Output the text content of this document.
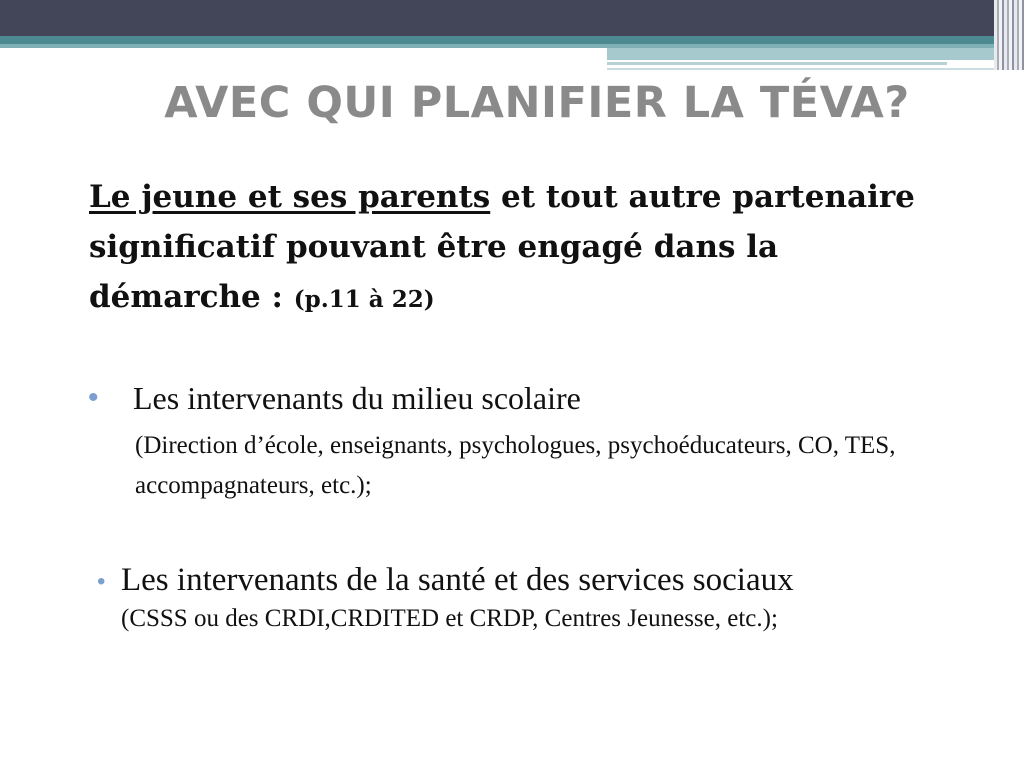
AVEC QUI PLANIFIER LA TÉVA?
Le jeune et ses parents et tout autre partenaire significatif pouvant être engagé dans la démarche : (p.11 à 22)
• Les intervenants du milieu scolaire
(Direction d’école, enseignants, psychologues, psychoéducateurs, CO, TES, accompagnateurs, etc.);
• Les intervenants de la santé et des services sociaux
(CSSS ou des CRDI,CRDITED et CRDP, Centres Jeunesse, etc.);
